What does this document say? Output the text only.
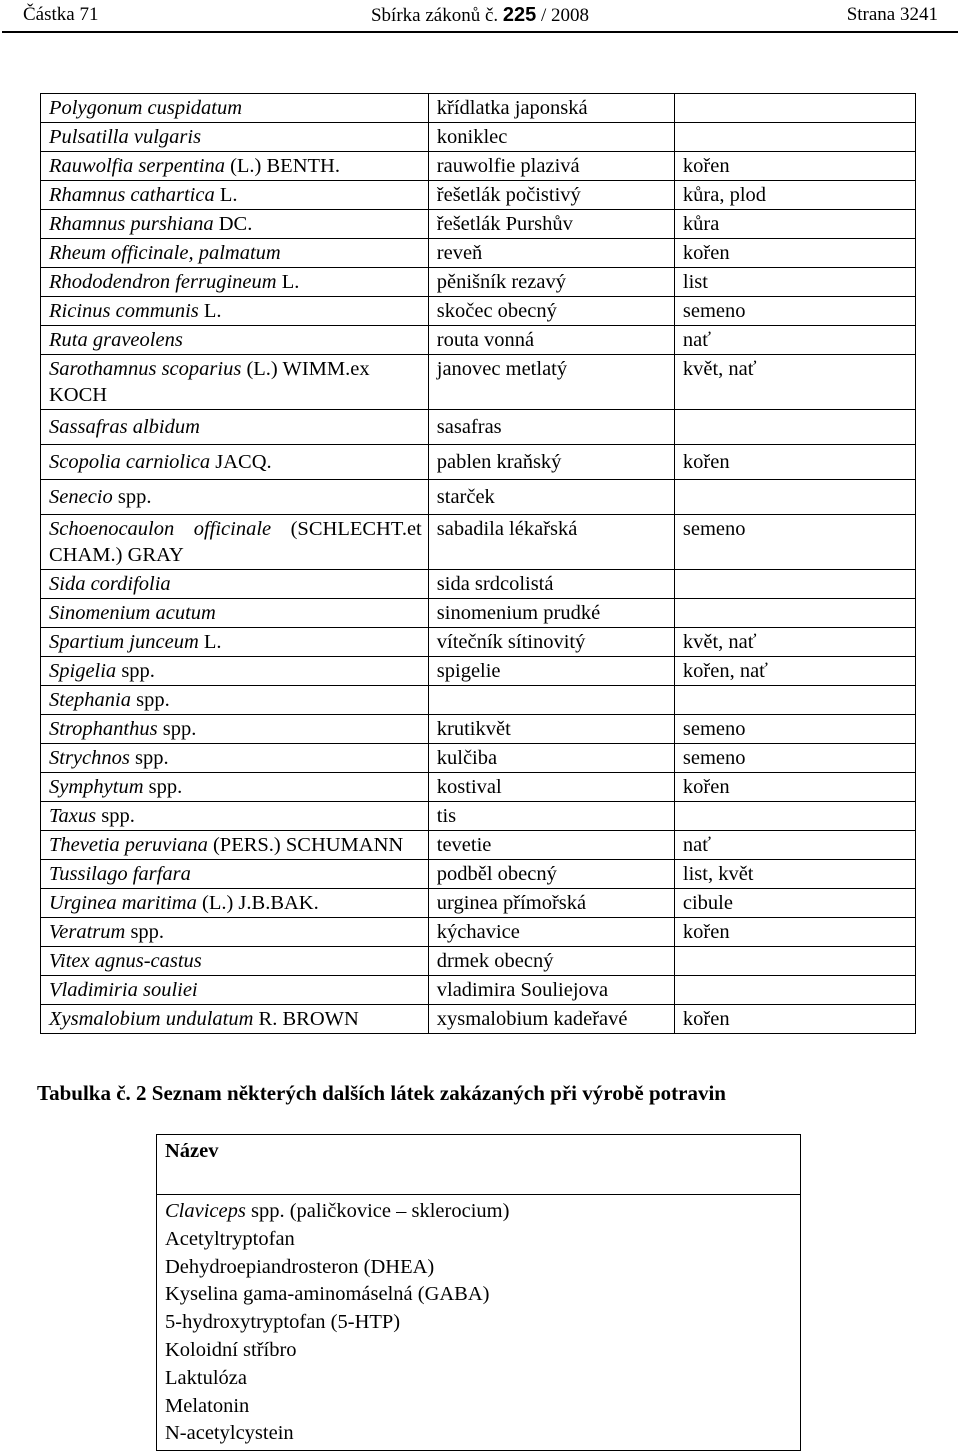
Částka 71	Sbírka zákonů č. 225 / 2008	Strana 3241
Polygonum cuspidatum	křídlatka japonská	
Pulsatilla vulgaris	koniklec	
Rauwolfia serpentina (L.) BENTH.	rauwolfie plazivá	kořen
Rhamnus cathartica L.	řešetlák počistivý	kůra, plod
Rhamnus purshiana DC.	řešetlák Purshův	kůra
Rheum officinale, palmatum	reveň	kořen
Rhododendron ferrugineum L.	pěnišník rezavý	list
Ricinus communis L.	skočec obecný	semeno
Ruta graveolens	routa vonná	nať
Sarothamnus scoparius (L.) WIMM.ex KOCH	janovec metlatý	květ, nať
Sassafras albidum	sasafras	
Scopolia carniolica JACQ.	pablen kraňský	kořen
Senecio spp.	starček	
Schoenocaulon officinale (SCHLECHT.et CHAM.) GRAY	sabadila lékařská	semeno
Sida cordifolia	sida srdcolistá	
Sinomenium acutum	sinomenium prudké	
Spartium junceum L.	vítečník sítinovitý	květ, nať
Spigelia spp.	spigelie	kořen, nať
Stephania spp.		
Strophanthus spp.	krutikvět	semeno
Strychnos spp.	kulčiba	semeno
Symphytum spp.	kostival	kořen
Taxus spp.	tis	
Thevetia peruviana (PERS.) SCHUMANN	tevetie	nať
Tussilago farfara	podběl obecný	list, květ
Urginea maritima (L.) J.B.BAK.	urginea přímořská	cibule
Veratrum spp.	kýchavice	kořen
Vitex agnus-castus	drmek obecný	
Vladimiria souliei	vladimira Souliejova	
Xysmalobium undulatum R. BROWN	xysmalobium kadeřavé	kořen
Tabulka č. 2 Seznam některých dalších látek zakázaných při výrobě potravin
Název

Claviceps spp. (paličkovice – sklerocium)
Acetyltryptofan
Dehydroepiandrosteron (DHEA)
Kyselina gama-aminomáselná (GABA)
5-hydroxytryptofan (5-HTP)
Koloidní stříbro
Laktulóza
Melatonin
N-acetylcystein
